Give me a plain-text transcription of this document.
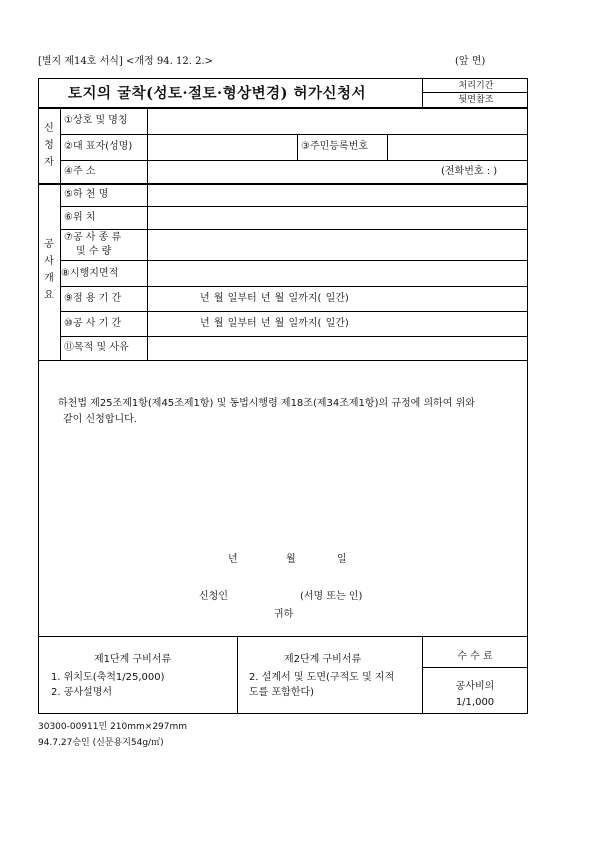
[별지 제14호 서식] <개정 94. 12. 2.>	(앞 면)
토지의 굴착(성토·절토·형상변경) 허가신청서	처리기간
뒷면참조
신청자
①상호 및 명칭
②대 표자(성명)	③주민등록번호
④주 소	(전화번호 : )
공사개요
⑤하 천 명
⑥위 치
⑦공 사 종 류
및 수 량
⑧시행지면적
⑨점 용 기 간	년 월 일부터 년 월 일까지( 일간)
⑩공 사 기 간	년 월 일부터 년 월 일까지( 일간)
⑪목적 및 사유
하천법 제25조제1항(제45조제1항) 및 동법시행령 제18조(제34조제1항)의 규정에 의하여 위와
같이 신청합니다.
년	월	일
신청인	(서명 또는 인)
귀하
제1단계 구비서류
1. 위치도(축척1/25,000)
2. 공사설명서
제2단계 구비서류
2. 설계서 및 도면(구적도 및 지적
도를 포함한다)
수 수 료
공사비의
1/1,000
30300-00911민 210mm×297mm
94.7.27승인 (신문용지54g/㎡)
